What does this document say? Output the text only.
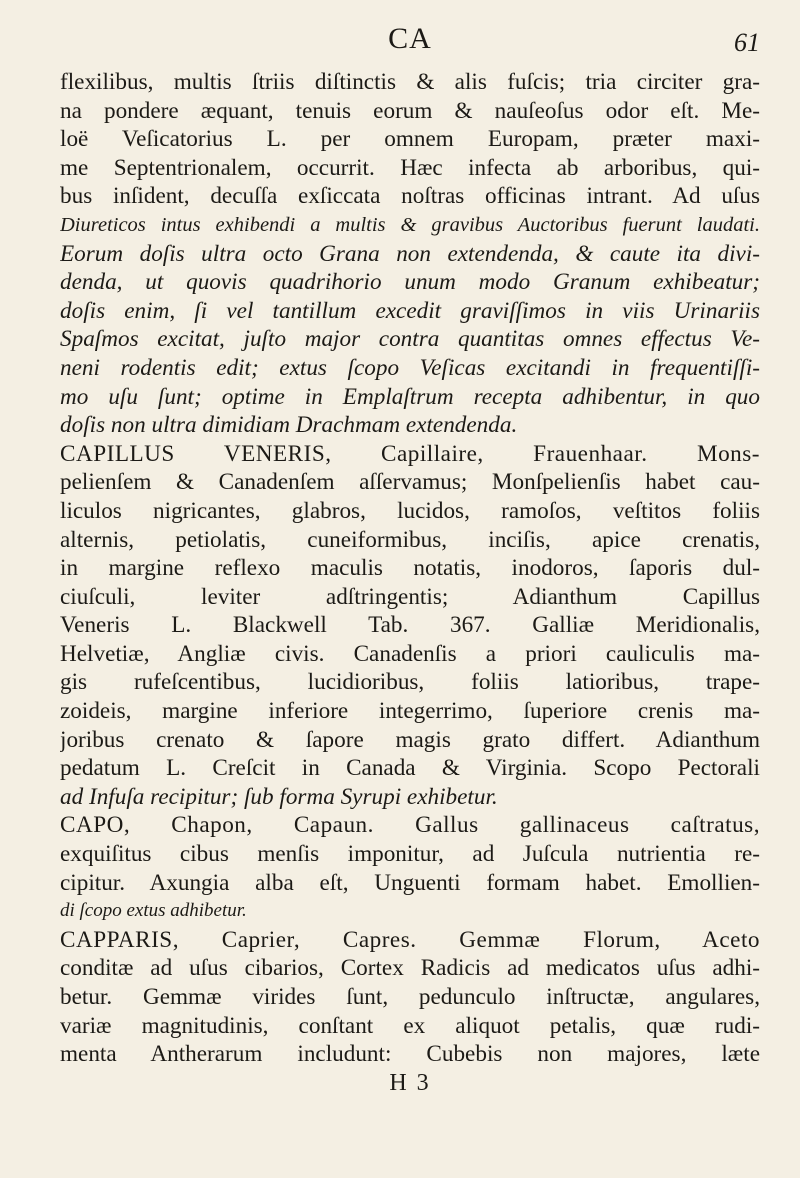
CA	61
flexilibus, multis ſtriis diſtinctis & alis fuſcis; tria circiter gra-
na pondere æquant, tenuis eorum & nauſeoſus odor eſt. Me-
loë Veſicatorius L. per omnem Europam, præter maxi-
me Septentrionalem, occurrit. Hæc infecta ab arboribus, qui-
bus inſident, decuſſa exſiccata noſtras officinas intrant. Ad uſus
Diureticos intus exhibendi a multis & gravibus Auctoribus fuerunt laudati.
Eorum doſis ultra octo Grana non extendenda, & caute ita divi-
denda, ut quovis quadrihorio unum modo Granum exhibeatur;
doſis enim, ſi vel tantillum excedit graviſſimos in viis Urinariis
Spaſmos excitat, juſto major contra quantitas omnes effectus Ve-
neni rodentis edit; extus ſcopo Veſicas excitandi in frequentiſſi-
mo uſu ſunt; optime in Emplaſtrum recepta adhibentur, in quo
doſis non ultra dimidiam Drachmam extendenda.
CAPILLUS VENERIS, Capillaire, Frauenhaar. Mons-
pelienſem & Canadenſem aſſervamus; Monſpelienſis habet cau-
liculos nigricantes, glabros, lucidos, ramoſos, veſtitos foliis
alternis, petiolatis, cuneiformibus, inciſis, apice crenatis,
in margine reflexo maculis notatis, inodoros, ſaporis dul-
ciuſculi, leviter adſtringentis; Adianthum Capillus
Veneris L. Blackwell Tab. 367. Galliæ Meridionalis,
Helvetiæ, Angliæ civis. Canadenſis a priori cauliculis ma-
gis rufeſcentibus, lucidioribus, foliis latioribus, trape-
zoideis, margine inferiore integerrimo, ſuperiore crenis ma-
joribus crenato & ſapore magis grato differt. Adianthum
pedatum L. Creſcit in Canada & Virginia. Scopo Pectorali
ad Infuſa recipitur; ſub forma Syrupi exhibetur.
CAPO, Chapon, Capaun. Gallus gallinaceus caſtratus,
exquiſitus cibus menſis imponitur, ad Juſcula nutrientia re-
cipitur. Axungia alba eſt, Unguenti formam habet. Emollien-
di ſcopo extus adhibetur.
CAPPARIS, Caprier, Capres. Gemmæ Florum, Aceto
conditæ ad uſus cibarios, Cortex Radicis ad medicatos uſus adhi-
betur. Gemmæ virides ſunt, pedunculo inſtructæ, angulares,
variæ magnitudinis, conſtant ex aliquot petalis, quæ rudi-
menta Antherarum includunt: Cubebis non majores, læte
H 3
